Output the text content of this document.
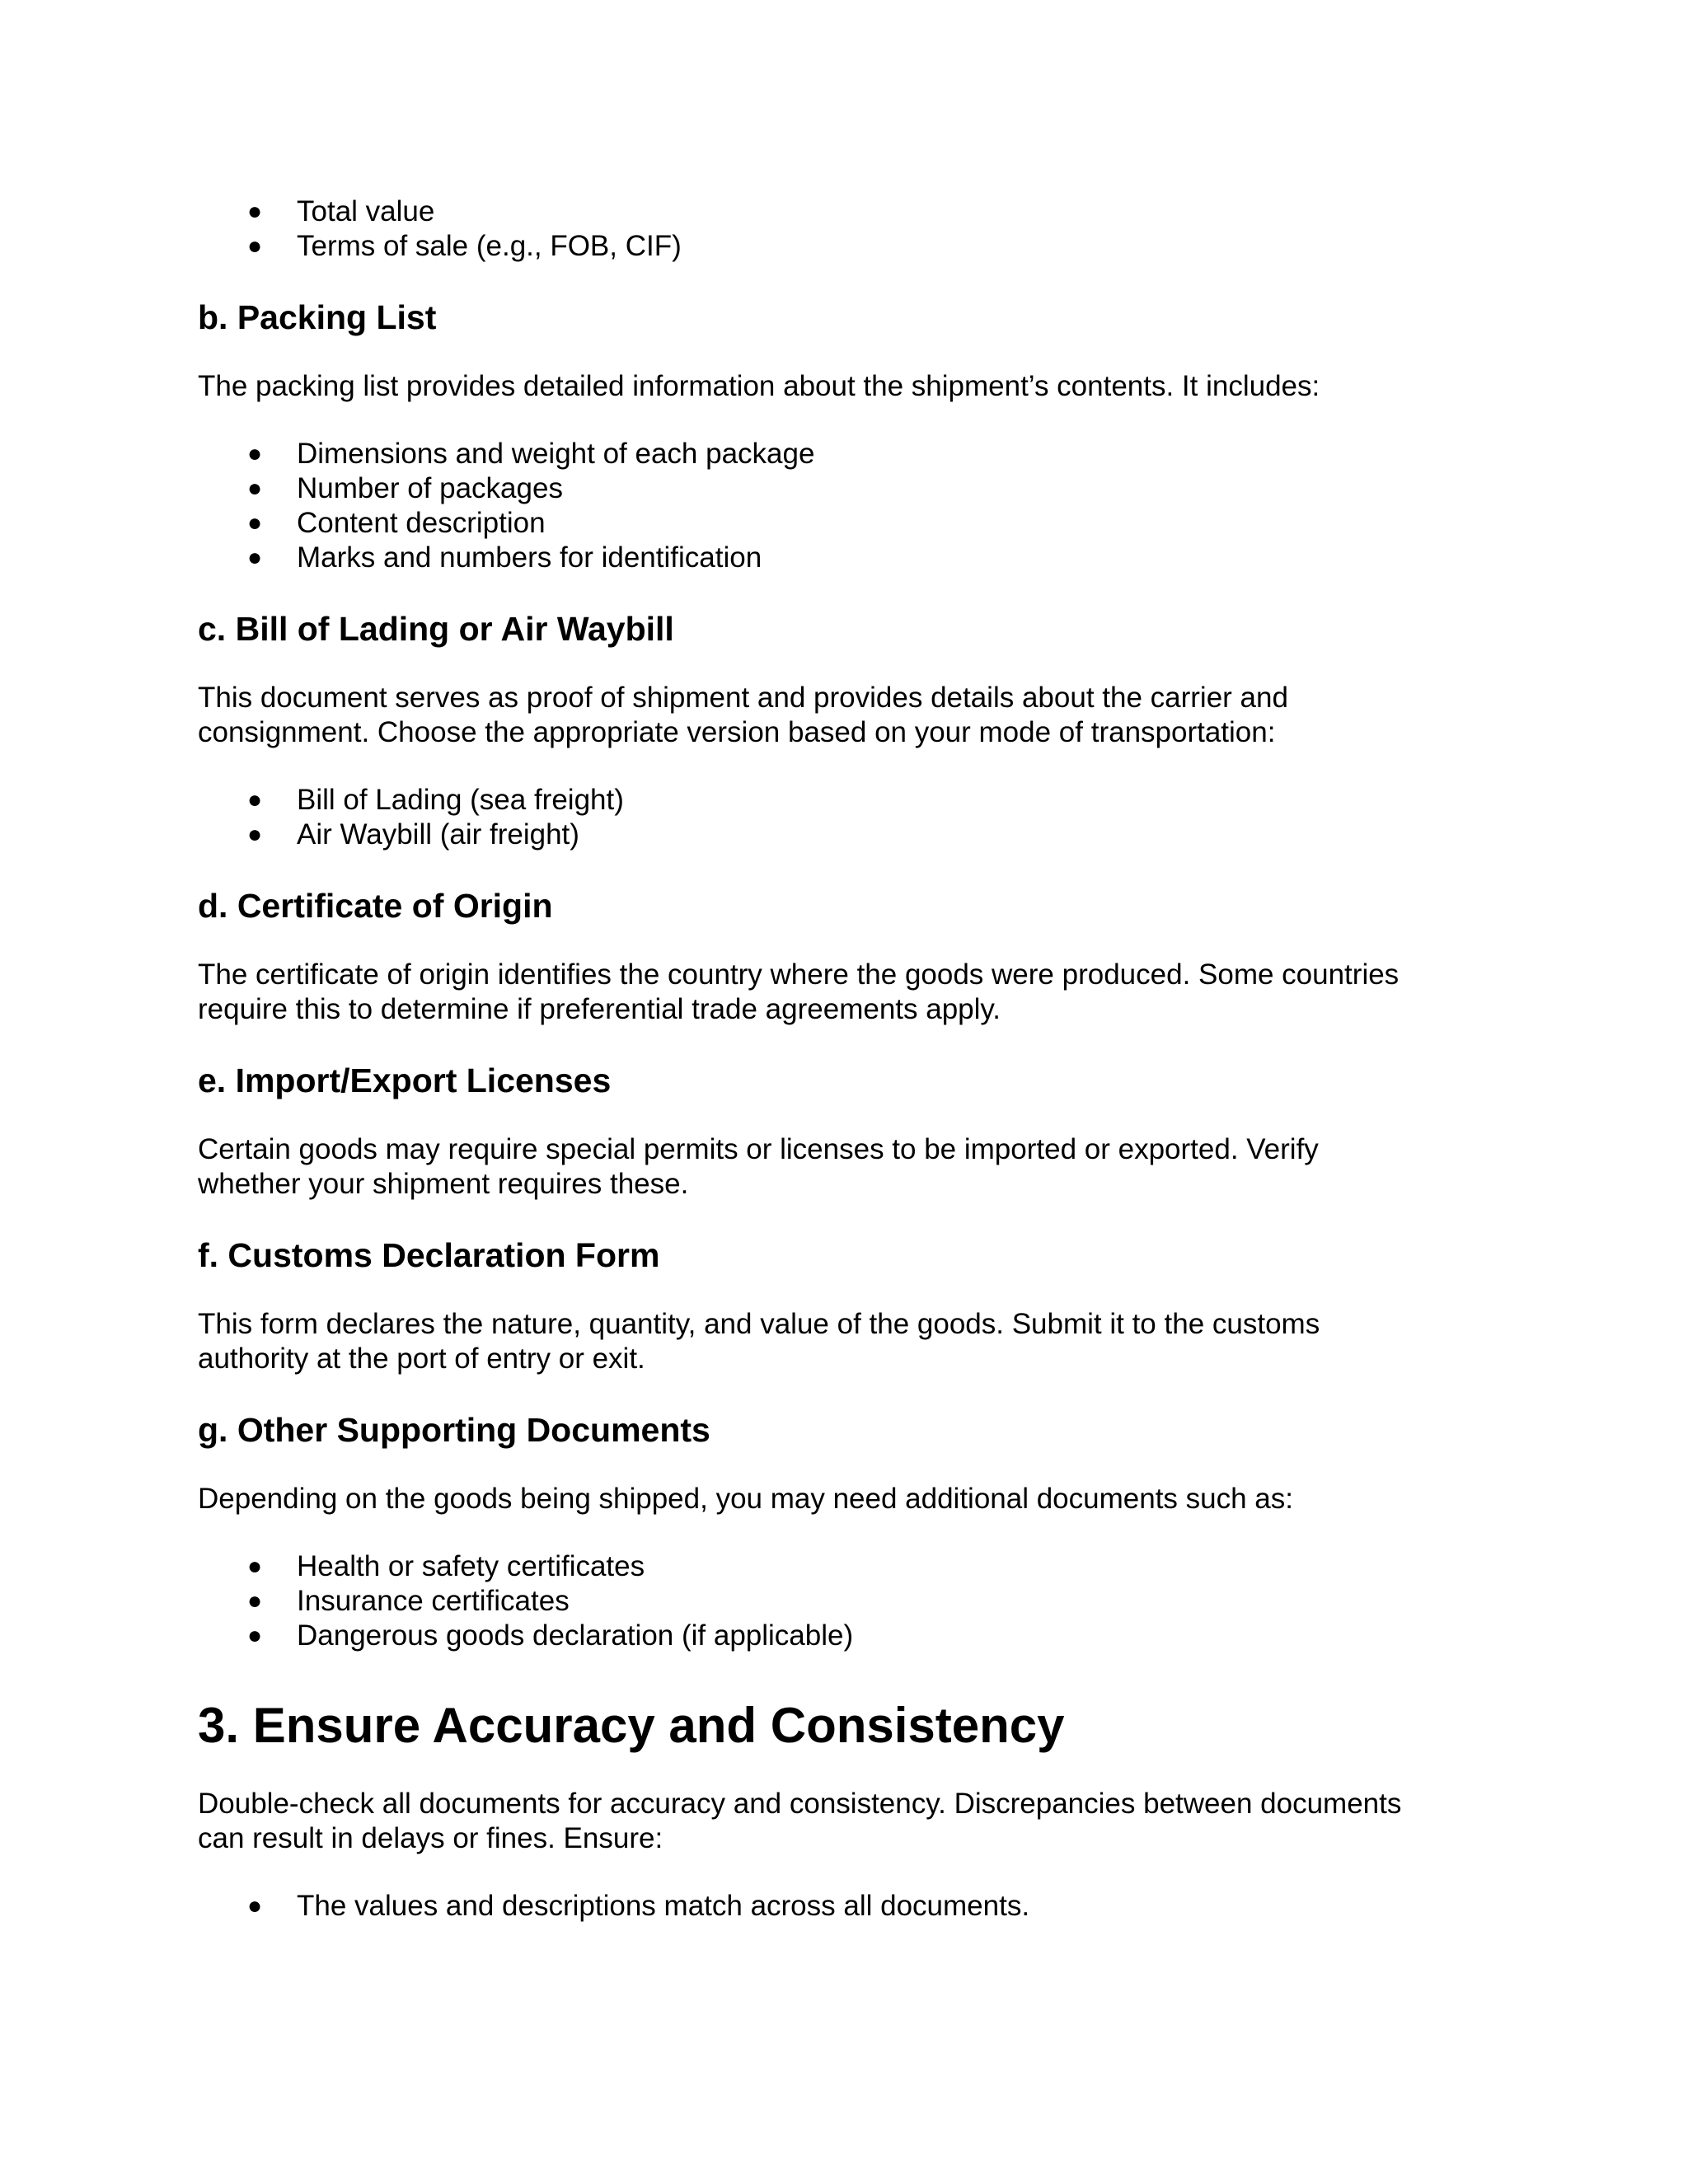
●	Total value
●	Terms of sale (e.g., FOB, CIF)
b. Packing List

The packing list provides detailed information about the shipment’s contents. It includes:

●	Dimensions and weight of each package
●	Number of packages
●	Content description
●	Marks and numbers for identification
c. Bill of Lading or Air Waybill

This document serves as proof of shipment and provides details about the carrier and
consignment. Choose the appropriate version based on your mode of transportation:

●	Bill of Lading (sea freight)
●	Air Waybill (air freight)
d. Certificate of Origin

The certificate of origin identifies the country where the goods were produced. Some countries
require this to determine if preferential trade agreements apply.

e. Import/Export Licenses

Certain goods may require special permits or licenses to be imported or exported. Verify
whether your shipment requires these.

f. Customs Declaration Form

This form declares the nature, quantity, and value of the goods. Submit it to the customs
authority at the port of entry or exit.

g. Other Supporting Documents

Depending on the goods being shipped, you may need additional documents such as:

●	Health or safety certificates
●	Insurance certificates
●	Dangerous goods declaration (if applicable)
3. Ensure Accuracy and Consistency

Double-check all documents for accuracy and consistency. Discrepancies between documents
can result in delays or fines. Ensure:

●	The values and descriptions match across all documents.
